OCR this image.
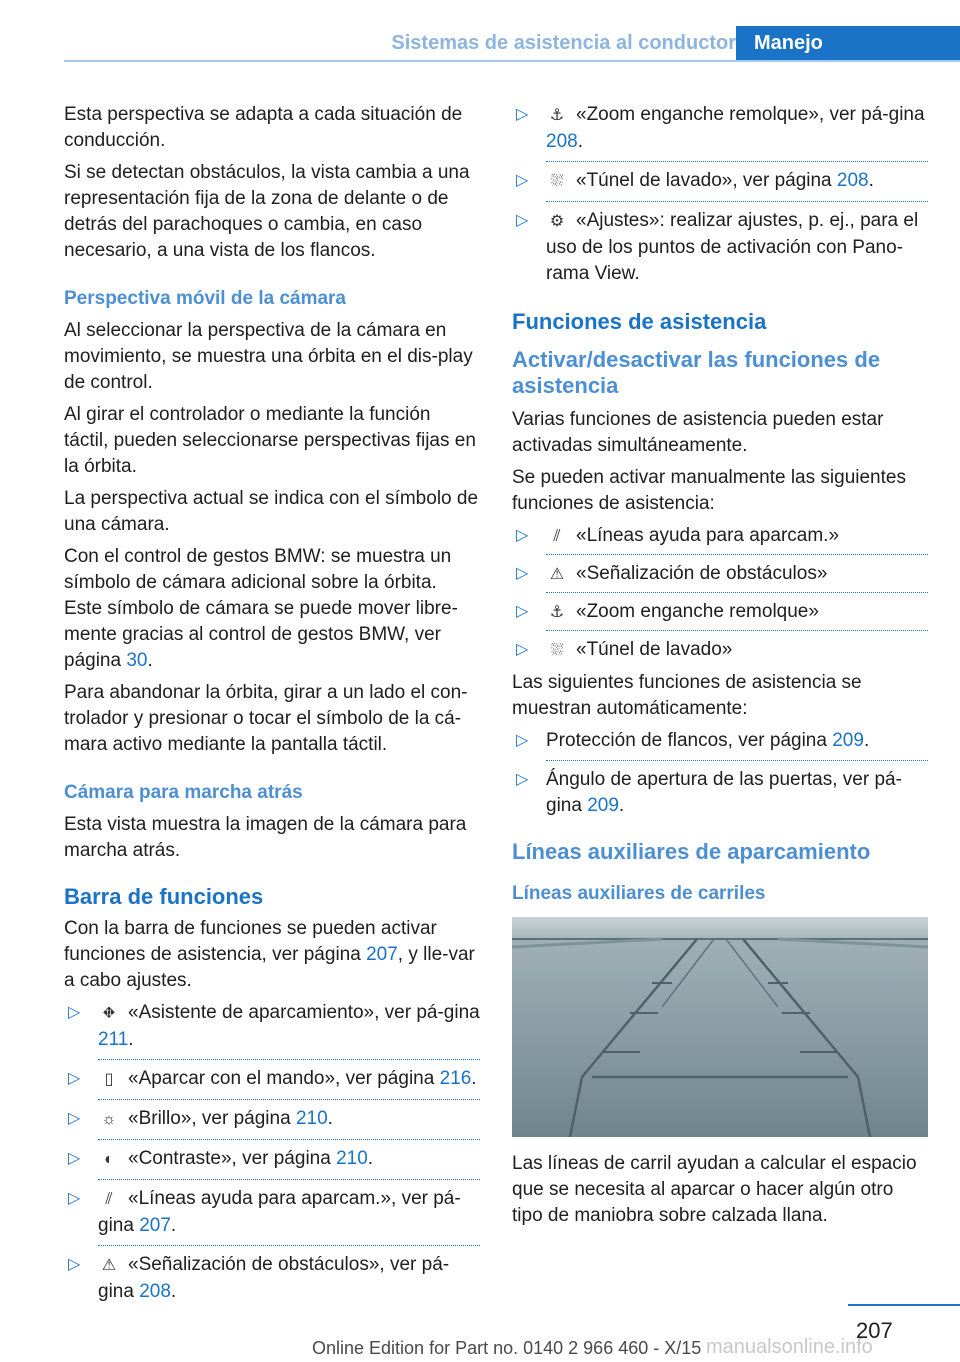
Sistemas de asistencia al conductor Manejo

Esta perspectiva se adapta a cada situación de conducción.

Si se detectan obstáculos, la vista cambia a una representación fija de la zona de delante o de detrás del parachoques o cambia, en caso necesario, a una vista de los flancos.

Perspectiva móvil de la cámara

Al seleccionar la perspectiva de la cámara en movimiento, se muestra una órbita en el dis-play de control.

Al girar el controlador o mediante la función táctil, pueden seleccionarse perspectivas fijas en la órbita.

La perspectiva actual se indica con el símbolo de una cámara.

Con el control de gestos BMW: se muestra un símbolo de cámara adicional sobre la órbita. Este símbolo de cámara se puede mover libre-mente gracias al control de gestos BMW, ver página 30.

Para abandonar la órbita, girar a un lado el con-trolador y presionar o tocar el símbolo de la cá-mara activo mediante la pantalla táctil.

Cámara para marcha atrás

Esta vista muestra la imagen de la cámara para marcha atrás.

Barra de funciones

Con la barra de funciones se pueden activar funciones de asistencia, ver página 207, y lle-var a cabo ajustes.

▷ ⛖ «Asistente de aparcamiento», ver pá-gina 211.
▷ ▯ «Aparcar con el mando», ver página 216.
▷ ☼ «Brillo», ver página 210.
▷ ◐ «Contraste», ver página 210.
▷ ⫽ «Líneas ayuda para aparcam.», ver pá-gina 207.
▷ ⚠ «Señalización de obstáculos», ver pá-gina 208.
▷ ⚓ «Zoom enganche remolque», ver pá-gina 208.
▷ ⛆ «Túnel de lavado», ver página 208.
▷ ⚙ «Ajustes»: realizar ajustes, p. ej., para el uso de los puntos de activación con Pano-rama View.
Funciones de asistencia
Activar/desactivar las funciones de asistencia

Varias funciones de asistencia pueden estar activadas simultáneamente.

Se pueden activar manualmente las siguientes funciones de asistencia:

▷ ⫽ «Líneas ayuda para aparcam.»
▷ ⚠ «Señalización de obstáculos»
▷ ⚓ «Zoom enganche remolque»
▷ ⛆ «Túnel de lavado»

Las siguientes funciones de asistencia se muestran automáticamente:

▷ Protección de flancos, ver página 209.
▷ Ángulo de apertura de las puertas, ver pá-gina 209.
Líneas auxiliares de aparcamiento
Líneas auxiliares de carriles

Las líneas de carril ayudan a calcular el espacio que se necesita al aparcar o hacer algún otro tipo de maniobra sobre calzada llana.

207
Online Edition for Part no. 0140 2 966 460 - X/15 manualsonline.info
